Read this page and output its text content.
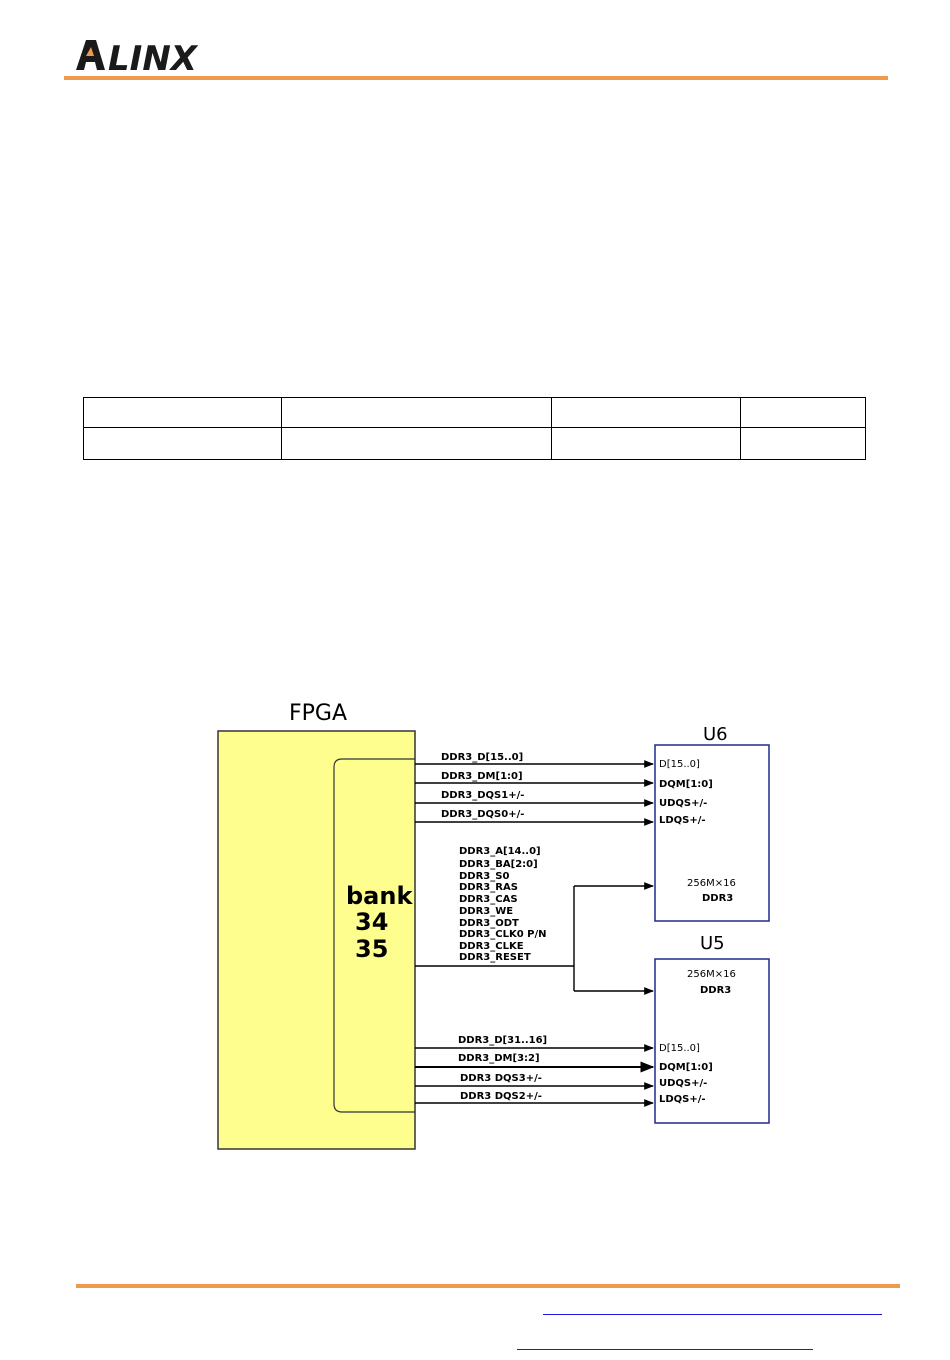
LINX

FPGA
bank
34
35
U6
D[15..0]
DQM[1:0]
UDQS+/-
LDQS+/-
256M×16
DDR3
U5
256M×16
DDR3
D[15..0]
DQM[1:0]
UDQS+/-
LDQS+/-
DDR3_D[15..0]
DDR3_DM[1:0]
DDR3_DQS1+/-
DDR3_DQS0+/-
DDR3_A[14..0]
DDR3_BA[2:0]
DDR3_S0
DDR3_RAS
DDR3_CAS
DDR3_WE
DDR3_ODT
DDR3_CLK0 P/N
DDR3_CLKE
DDR3_RESET
DDR3_D[31..16]
DDR3_DM[3:2]
DDR3 DQS3+/-
DDR3 DQS2+/-
